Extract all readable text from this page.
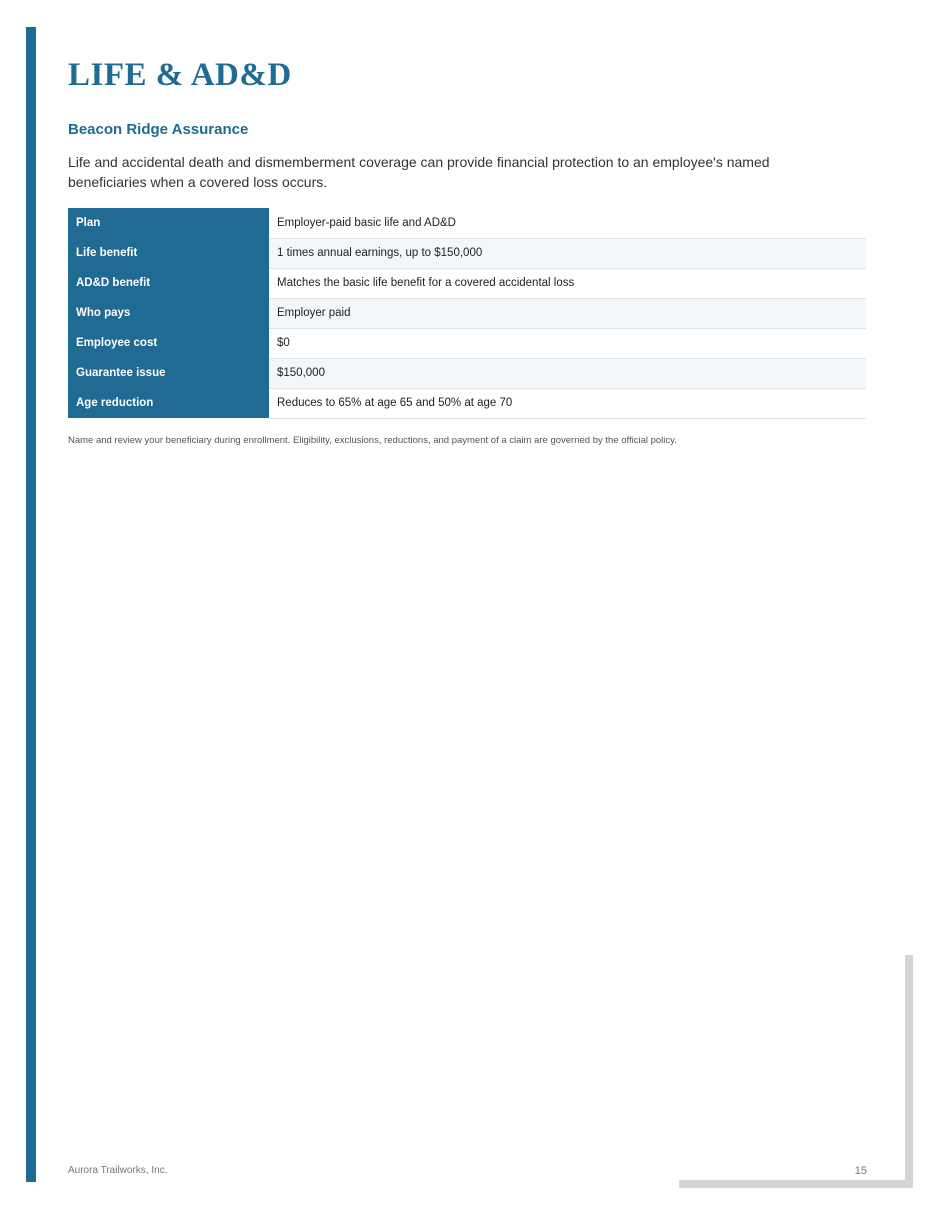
LIFE & AD&D
Beacon Ridge Assurance

Life and accidental death and dismemberment coverage can provide financial protection to an employee's named beneficiaries when a covered loss occurs.

Plan	Employer-paid basic life and AD&D
Life benefit	1 times annual earnings, up to $150,000
AD&D benefit	Matches the basic life benefit for a covered accidental loss
Who pays	Employer paid
Employee cost	$0
Guarantee issue	$150,000
Age reduction	Reduces to 65% at age 65 and 50% at age 70

Name and review your beneficiary during enrollment. Eligibility, exclusions, reductions, and payment of a claim are governed by the official policy.

Aurora Trailworks, Inc.	15
